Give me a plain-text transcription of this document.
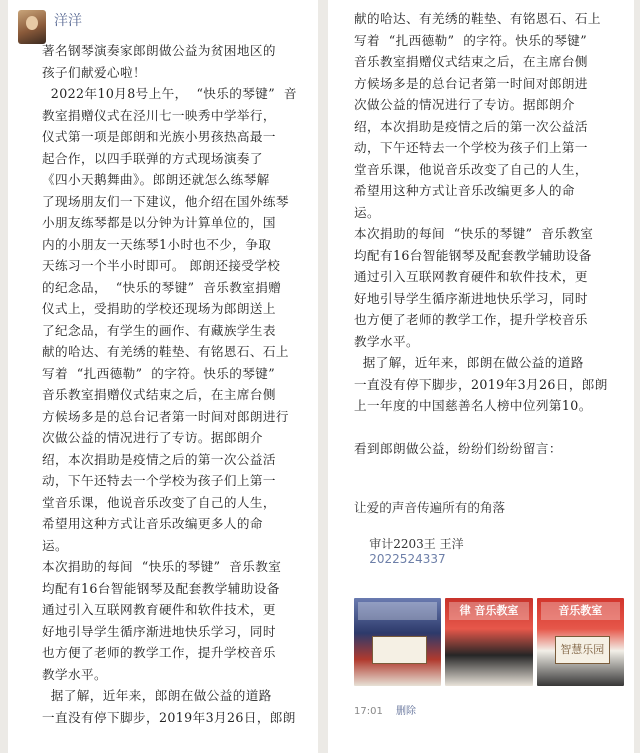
洋洋
著名钢琴演奏家郎朗做公益为贫困地区的
孩子们献爱心啦！
2022年10月8号上午，  “快乐的琴键”  音
教室捐赠仪式在泾川七一映秀中学举行，
仪式第一项是郎朗和光族小男孩热高最一
起合作，以四手联弹的方式现场演奏了
《四小天鹅舞曲》。郎朗还就怎么练琴解
了现场朋友们一下建议，他介绍在国外练琴
小朋友练琴都是以分钟为计算单位的，国
内的小朋友一天练琴1小时也不少，争取
天练习一个半小时即可。 郎朗还接受学校
的纪念品，  “快乐的琴键”  音乐教室捐赠
仪式上，受捐助的学校还现场为郎朗送上
了纪念品，有学生的画作、有藏族学生表
献的哈达、有羌绣的鞋垫、有铭恩石、石上
写着  “扎西德勒”  的字符。快乐的琴键”
音乐教室捐赠仪式结束之后，在主席台侧
方候场多是的总台记者第一时间对郎朗进行
次做公益的情况进行了专访。据郎朗介
绍，本次捐助是疫情之后的第一次公益活
动，下午还特去一个学校为孩子们上第一
堂音乐课，他说音乐改变了自己的人生，
希望用这种方式让音乐改编更多人的命
运。
本次捐助的每间  “快乐的琴键”  音乐教室
均配有16台智能钢琴及配套教学辅助设备
通过引入互联网教育硬件和软件技术，更
好地引导学生循序渐进地快乐学习，同时
也方便了老师的教学工作，提升学校音乐
教学水平。
据了解，近年来，郎朗在做公益的道路
一直没有停下脚步，2019年3月26日，郎朗
献的哈达、有羌绣的鞋垫、有铭恩石、石上
写着  “扎西德勒”  的字符。快乐的琴键”
音乐教室捐赠仪式结束之后，在主席台侧
方候场多是的总台记者第一时间对郎朗进
次做公益的情况进行了专访。据郎朗介
绍，本次捐助是疫情之后的第一次公益活
动，下午还特去一个学校为孩子们上第一
堂音乐课，他说音乐改变了自己的人生，
希望用这种方式让音乐改编更多人的命
运。
本次捐助的每间  “快乐的琴键”  音乐教室
均配有16台智能钢琴及配套教学辅助设备
通过引入互联网教育硬件和软件技术，更
好地引导学生循序渐进地快乐学习，同时
也方便了老师的教学工作，提升学校音乐
教学水平。
据了解，近年来，郎朗在做公益的道路
一直没有停下脚步，2019年3月26日，郎朗
上一年度的中国慈善名人榜中位列第10。
看到郎朗做公益，纷纷们纷纷留言：
让爱的声音传遍所有的角落

审计2203王 王洋
2022524337

律 音乐教室	音乐教室
智慧乐园
17:01 删除
